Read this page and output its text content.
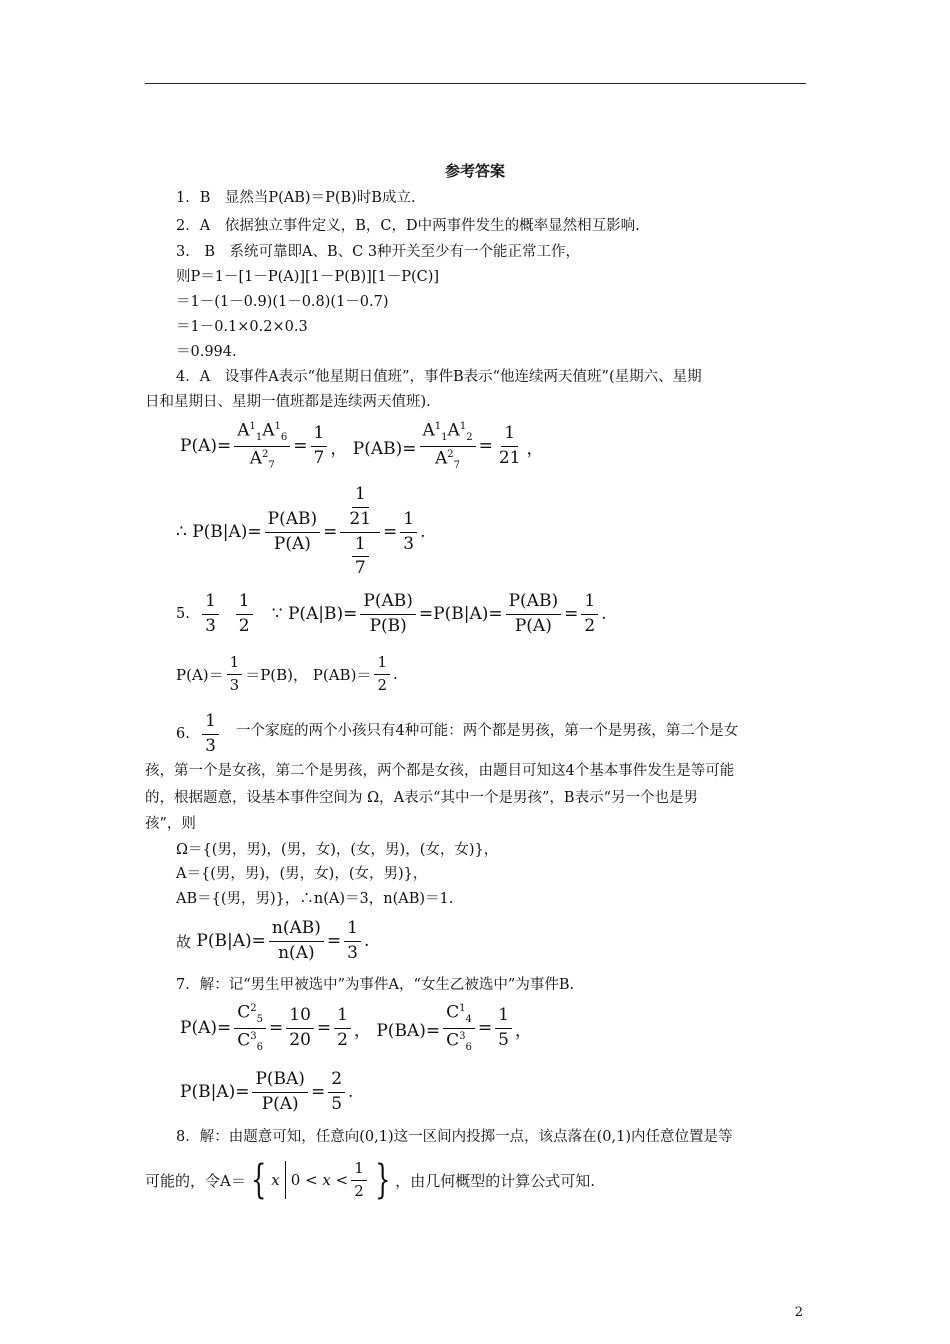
参考答案
1．B　显然当P(AB)＝P(B)时B成立.
2．A　依据独立事件定义，B，C，D中两事件发生的概率显然相互影响.
3.　B　系统可靠即A、B、C 3种开关至少有一个能正常工作，
则P＝1－[1－P(A)][1－P(B)][1－P(C)]
＝1－(1－0.9)(1－0.8)(1－0.7)
＝1－0.1×0.2×0.3
＝0.994.
4．A　设事件A表示“他星期日值班”，事件B表示“他连续两天值班”(星期六、星期
日和星期日、星期一值班都是连续两天值班).
$P(A)= \frac{A^1_1A^1_6}{A^2_7} = \frac{1}{7}$ ， $P(AB)= \frac{A^1_1A^1_2}{A^2_7} = \frac{1}{21}$ ，
∴ $P(B|A)= \frac{P(AB)}{P(A)} = \frac{\frac{1}{21}}{\frac{1}{7}} = \frac{1}{3}$ .
5. $\frac{1}{3}$
$\frac{1}{2}$ ∵ $P(A|B)= \frac{P(AB)}{P(B)} =P(B|A)= \frac{P(AB)}{P(A)} = \frac{1}{2}$ .
$P(A)= \frac{1}{3} =P(B)$， $P(AB)= \frac{1}{2}$ .
6. $\frac{1}{3}$ 一个家庭的两个小孩只有4种可能：两个都是男孩，第一个是男孩，第二个是女
孩，第一个是女孩，第二个是男孩，两个都是女孩，由题目可知这4个基本事件发生是等可能
的，根据题意，设基本事件空间为 Ω，A表示“其中一个是男孩”，B表示“另一个也是男
孩”，则
Ω＝{(男，男)，(男，女)，(女，男)，(女，女)}，
A＝{(男，男)，(男，女)，(女，男)}，
AB＝{(男，男)}，∴n(A)＝3，n(AB)＝1.
故 $P(B|A)= \frac{n(AB)}{n(A)} = \frac{1}{3}$ .
7．解：记“男生甲被选中”为事件A，“女生乙被选中”为事件B.
$P(A)= \frac{C^2_5}{C^3_6} = \frac{10}{20} = \frac{1}{2}$ ， $P(BA)= \frac{C^1_4}{C^3_6} = \frac{1}{5}$ ，
$P(B|A)= \frac{P(BA)}{P(A)} = \frac{2}{5}$ .
8．解：由题意可知，任意向(0,1)这一区间内投掷一点，该点落在(0,1)内任意位置是等
可能的，令A＝ { x $0 < x < \frac{1}{2}$ } ，由几何概型的计算公式可知.
2
